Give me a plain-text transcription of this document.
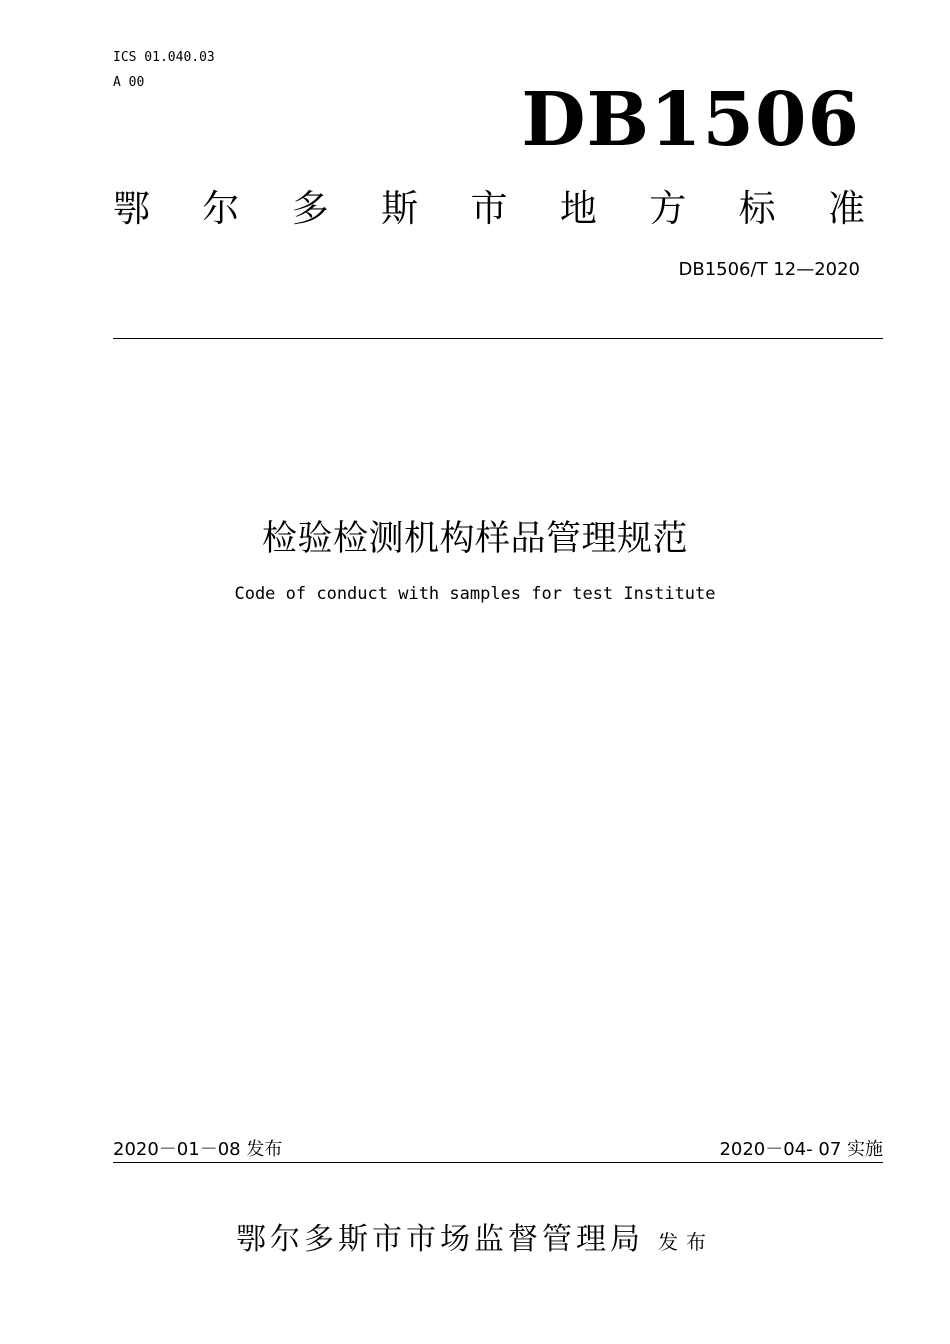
ICS 01.040.03
A 00	DB1506
鄂 尔 多 斯 市 地 方 标 准
DB1506/T 12—2020
检验检测机构样品管理规范
Code of conduct with samples for test Institute
2020－01－08 发布	2020－04- 07 实施
鄂尔多斯市市场监督管理局 发布
